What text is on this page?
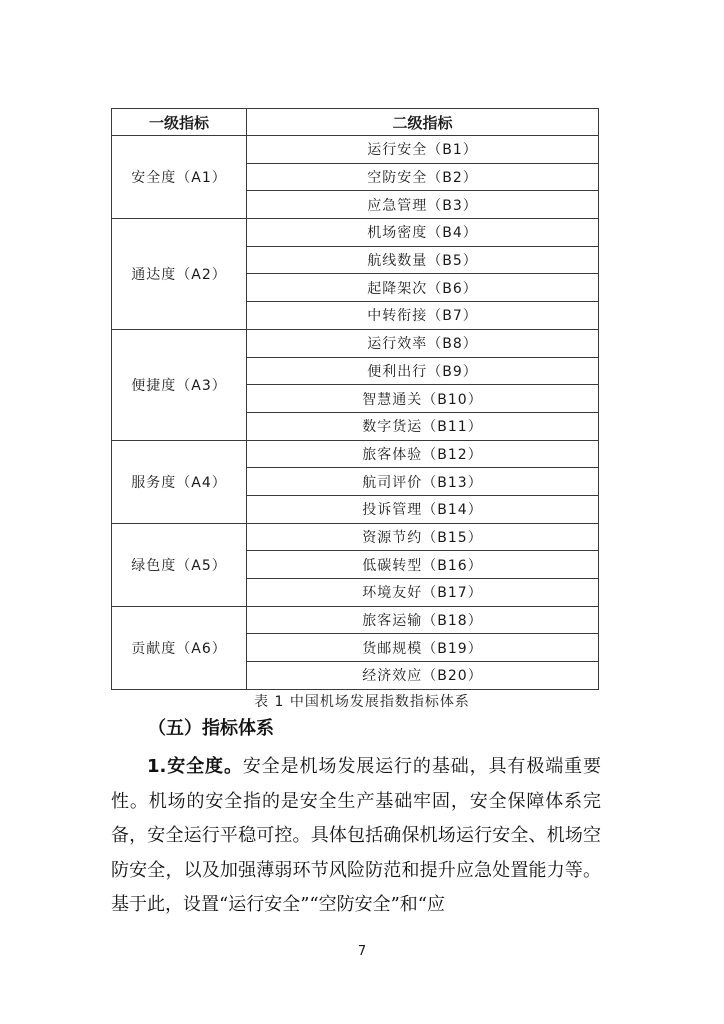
一级指标	二级指标
安全度（A1）	运行安全（B1）
	空防安全（B2）
	应急管理（B3）
通达度（A2）	机场密度（B4）
	航线数量（B5）
	起降架次（B6）
	中转衔接（B7）
便捷度（A3）	运行效率（B8）
	便利出行（B9）
	智慧通关（B10）
	数字货运（B11）
服务度（A4）	旅客体验（B12）
	航司评价（B13）
	投诉管理（B14）
绿色度（A5）	资源节约（B15）
	低碳转型（B16）
	环境友好（B17）
贡献度（A6）	旅客运输（B18）
	货邮规模（B19）
	经济效应（B20）
表 1 中国机场发展指数指标体系
（五）指标体系

1.安全度。安全是机场发展运行的基础，具有极端重要性。机场的安全指的是安全生产基础牢固，安全保障体系完备，安全运行平稳可控。具体包括确保机场运行安全、机场空防安全，以及加强薄弱环节风险防范和提升应急处置能力等。基于此，设置“运行安全”“空防安全”和“应

7
